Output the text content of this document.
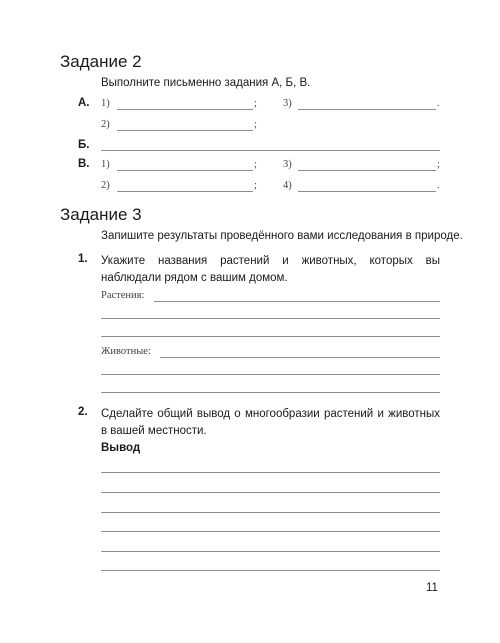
Задание 2
Выполните письменно задания А, Б, В.
А. 1)	; 3)	.
2)	;
Б.
В. 1)	; 3)	;
2)	; 4)	.
Задание 3
Запишите результаты проведённого вами исследования в природе.
1. Укажите названия растений и животных, которых вы наблюдали рядом с вашим домом.
Растения:
Животные:
2. Сделайте общий вывод о многообразии растений и животных в вашей местности.
Вывод
11
